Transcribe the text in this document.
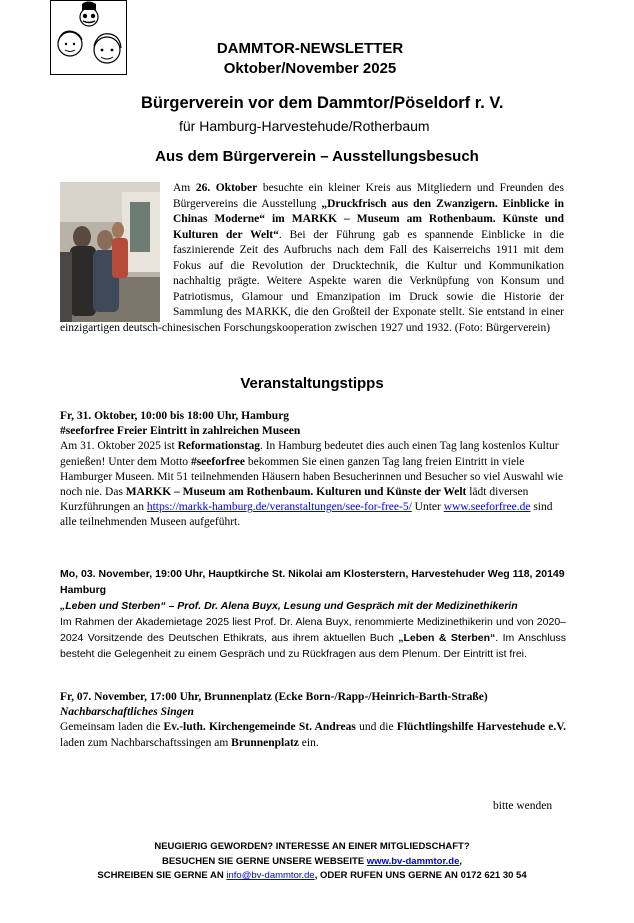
DAMMTOR-NEWSLETTER
Oktober/November 2025
Bürgerverein vor dem Dammtor/Pöseldorf r. V.
für Hamburg-Harvestehude/Rotherbaum
Aus dem Bürgerverein – Ausstellungsbesuch
Am 26. Oktober besuchte ein kleiner Kreis aus Mitgliedern und Freunden des Bürgervereins die Ausstellung „Druckfrisch aus den Zwanzigern. Einblicke in Chinas Moderne“ im MARKK – Museum am Rothenbaum. Künste und Kulturen der Welt“. Bei der Führung gab es spannende Einblicke in die faszinierende Zeit des Aufbruchs nach dem Fall des Kaiserreichs 1911 mit dem Fokus auf die Revolution der Drucktechnik, die Kultur und Kommunikation nachhaltig prägte. Weitere Aspekte waren die Verknüpfung von Konsum und Patriotismus, Glamour und Emanzipation im Druck sowie die Historie der Sammlung des MARKK, die den Großteil der Exponate stellt. Sie entstand in einer einzigartigen deutsch-chinesischen Forschungskooperation zwischen 1927 und 1932. (Foto: Bürgerverein)
Veranstaltungstipps

Fr, 31. Oktober, 10:00 bis 18:00 Uhr, Hamburg

#seeforfree Freier Eintritt in zahlreichen Museen

Am 31. Oktober 2025 ist Reformationstag. In Hamburg bedeutet dies auch einen Tag lang kostenlos Kultur genießen! Unter dem Motto #seeforfree bekommen Sie einen ganzen Tag lang freien Eintritt in viele Hamburger Museen. Mit 51 teilnehmenden Häusern haben Besucherinnen und Besucher so viel Auswahl wie noch nie. Das MARKK – Museum am Rothenbaum. Kulturen und Künste der Welt lädt diversen Kurzführungen an https://markk-hamburg.de/veranstaltungen/see-for-free-5/ Unter www.seeforfree.de sind alle teilnehmenden Museen aufgeführt.

Mo, 03. November, 19:00 Uhr, Hauptkirche St. Nikolai am Klosterstern, Harvestehuder Weg 118, 20149 Hamburg

„Leben und Sterben“ – Prof. Dr. Alena Buyx, Lesung und Gespräch mit der Medizinethikerin

Im Rahmen der Akademietage 2025 liest Prof. Dr. Alena Buyx, renommierte Medizinethikerin und von 2020–2024 Vorsitzende des Deutschen Ethikrats, aus ihrem aktuellen Buch „Leben & Sterben“. Im Anschluss besteht die Gelegenheit zu einem Gespräch und zu Rückfragen aus dem Plenum. Der Eintritt ist frei.

Fr, 07. November, 17:00 Uhr, Brunnenplatz (Ecke Born-/Rapp-/Heinrich-Barth-Straße)

Nachbarschaftliches Singen

Gemeinsam laden die Ev.-luth. Kirchengemeinde St. Andreas und die Flüchtlingshilfe Harvestehude e.V. laden zum Nachbarschaftssingen am Brunnenplatz ein.

bitte wenden
NEUGIERIG GEWORDEN? INTERESSE AN EINER MITGLIEDSCHAFT?
BESUCHEN SIE GERNE UNSERE WEBSEITE www.bv-dammtor.de,
SCHREIBEN SIE GERNE AN info@bv-dammtor.de, ODER RUFEN UNS GERNE AN 0172 621 30 54
